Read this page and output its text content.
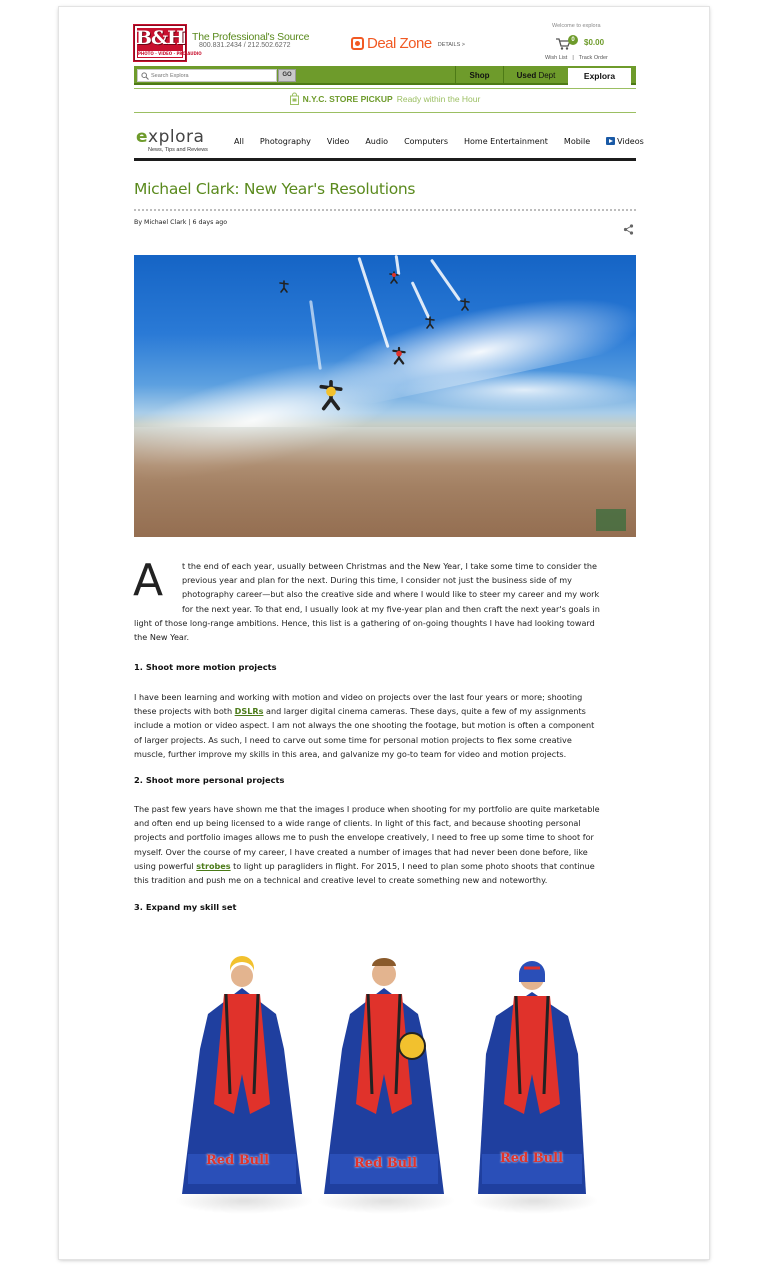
B&H
PHOTO · VIDEO · PRO AUDIO
The Professional's Source
800.831.2434 / 212.502.6272	Deal Zone DETAILS >
Welcome to explora
0	$0.00
Wish List | Track Order
Search Explora
GO	Shop	Used Dept	Explora
N.Y.C. STORE PICKUP Ready within the Hour
explora
News, Tips and Reviews
All Photography Video Audio Computers Home Entertainment Mobile	Videos
Michael Clark: New Year's Resolutions
By Michael Clark | 6 days ago
A	t the end of each year, usually between Christmas and the New Year, I take some time to consider the
previous year and plan for the next. During this time, I consider not just the business side of my
photography career—but also the creative side and where I would like to steer my career and my work
for the next year. To that end, I usually look at my five-year plan and then craft the next year's goals in
light of those long-range ambitions. Hence, this list is a gathering of on-going thoughts I have had looking toward
the New Year.
1. Shoot more motion projects
I have been learning and working with motion and video on projects over the last four years or more; shooting
these projects with both DSLRs and larger digital cinema cameras. These days, quite a few of my assignments
include a motion or video aspect. I am not always the one shooting the footage, but motion is often a component
of larger projects. As such, I need to carve out some time for personal motion projects to flex some creative
muscle, further improve my skills in this area, and galvanize my go-to team for video and motion projects.
2. Shoot more personal projects
The past few years have shown me that the images I produce when shooting for my portfolio are quite marketable
and often end up being licensed to a wide range of clients. In light of this fact, and because shooting personal
projects and portfolio images allows me to push the envelope creatively, I need to free up some time to shoot for
myself. Over the course of my career, I have created a number of images that had never been done before, like
using powerful strobes to light up paragliders in flight. For 2015, I need to plan some photo shoots that continue
this tradition and push me on a technical and creative level to create something new and noteworthy.
3. Expand my skill set
Red Bull	Red Bull	Red Bull
